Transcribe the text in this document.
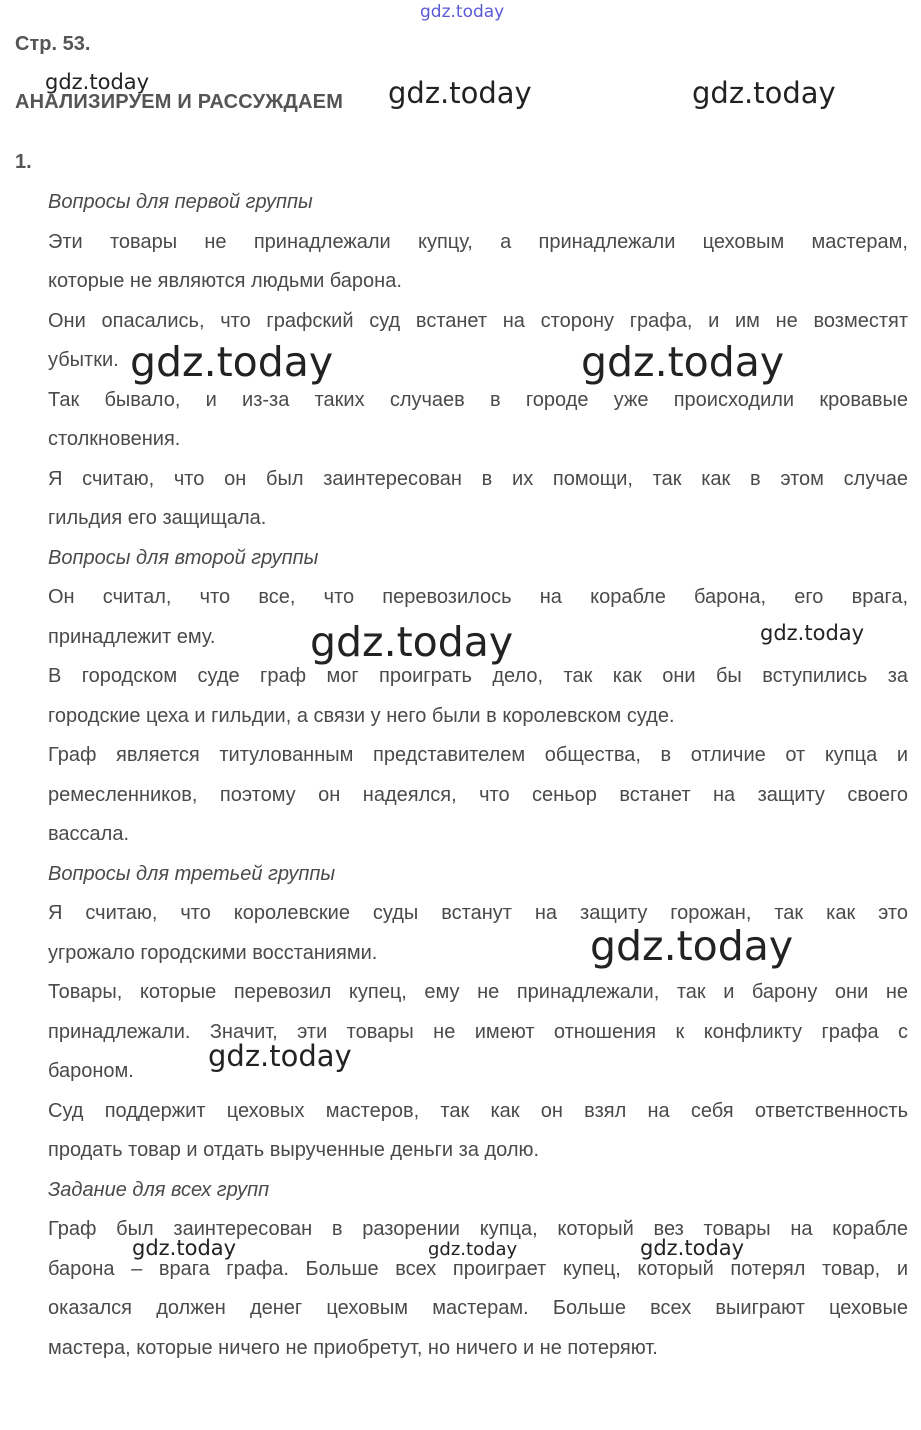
Стр. 53.
АНАЛИЗИРУЕМ И РАССУЖДАЕМ
1.
Вопросы для первой группы
Эти товары не принадлежали купцу, а принадлежали цеховым мастерам,
которые не являются людьми барона.
Они опасались, что графский суд встанет на сторону графа, и им не возместят
убытки.
Так бывало, и из-за таких случаев в городе уже происходили кровавые
столкновения.
Я считаю, что он был заинтересован в их помощи, так как в этом случае
гильдия его защищала.
Вопросы для второй группы
Он считал, что все, что перевозилось на корабле барона, его врага,
принадлежит ему.
В городском суде граф мог проиграть дело, так как они бы вступились за
городские цеха и гильдии, а связи у него были в королевском суде.
Граф является титулованным представителем общества, в отличие от купца и
ремесленников, поэтому он надеялся, что сеньор встанет на защиту своего
вассала.
Вопросы для третьей группы
Я считаю, что королевские суды встанут на защиту горожан, так как это
угрожало городскими восстаниями.
Товары, которые перевозил купец, ему не принадлежали, так и барону они не
принадлежали. Значит, эти товары не имеют отношения к конфликту графа с
бароном.
Суд поддержит цеховых мастеров, так как он взял на себя ответственность
продать товар и отдать вырученные деньги за долю.
Задание для всех групп
Граф был заинтересован в разорении купца, который вез товары на корабле
барона – врага графа. Больше всех проиграет купец, который потерял товар, и
оказался должен денег цеховым мастерам. Больше всех выиграют цеховые
мастера, которые ничего не приобретут, но ничего и не потеряют.
gdz.today
gdz.today	gdz.today	gdz.today
gdz.today	gdz.today
gdz.today	gdz.today
gdz.today
gdz.today
gdz.today	gdz.today	gdz.today
